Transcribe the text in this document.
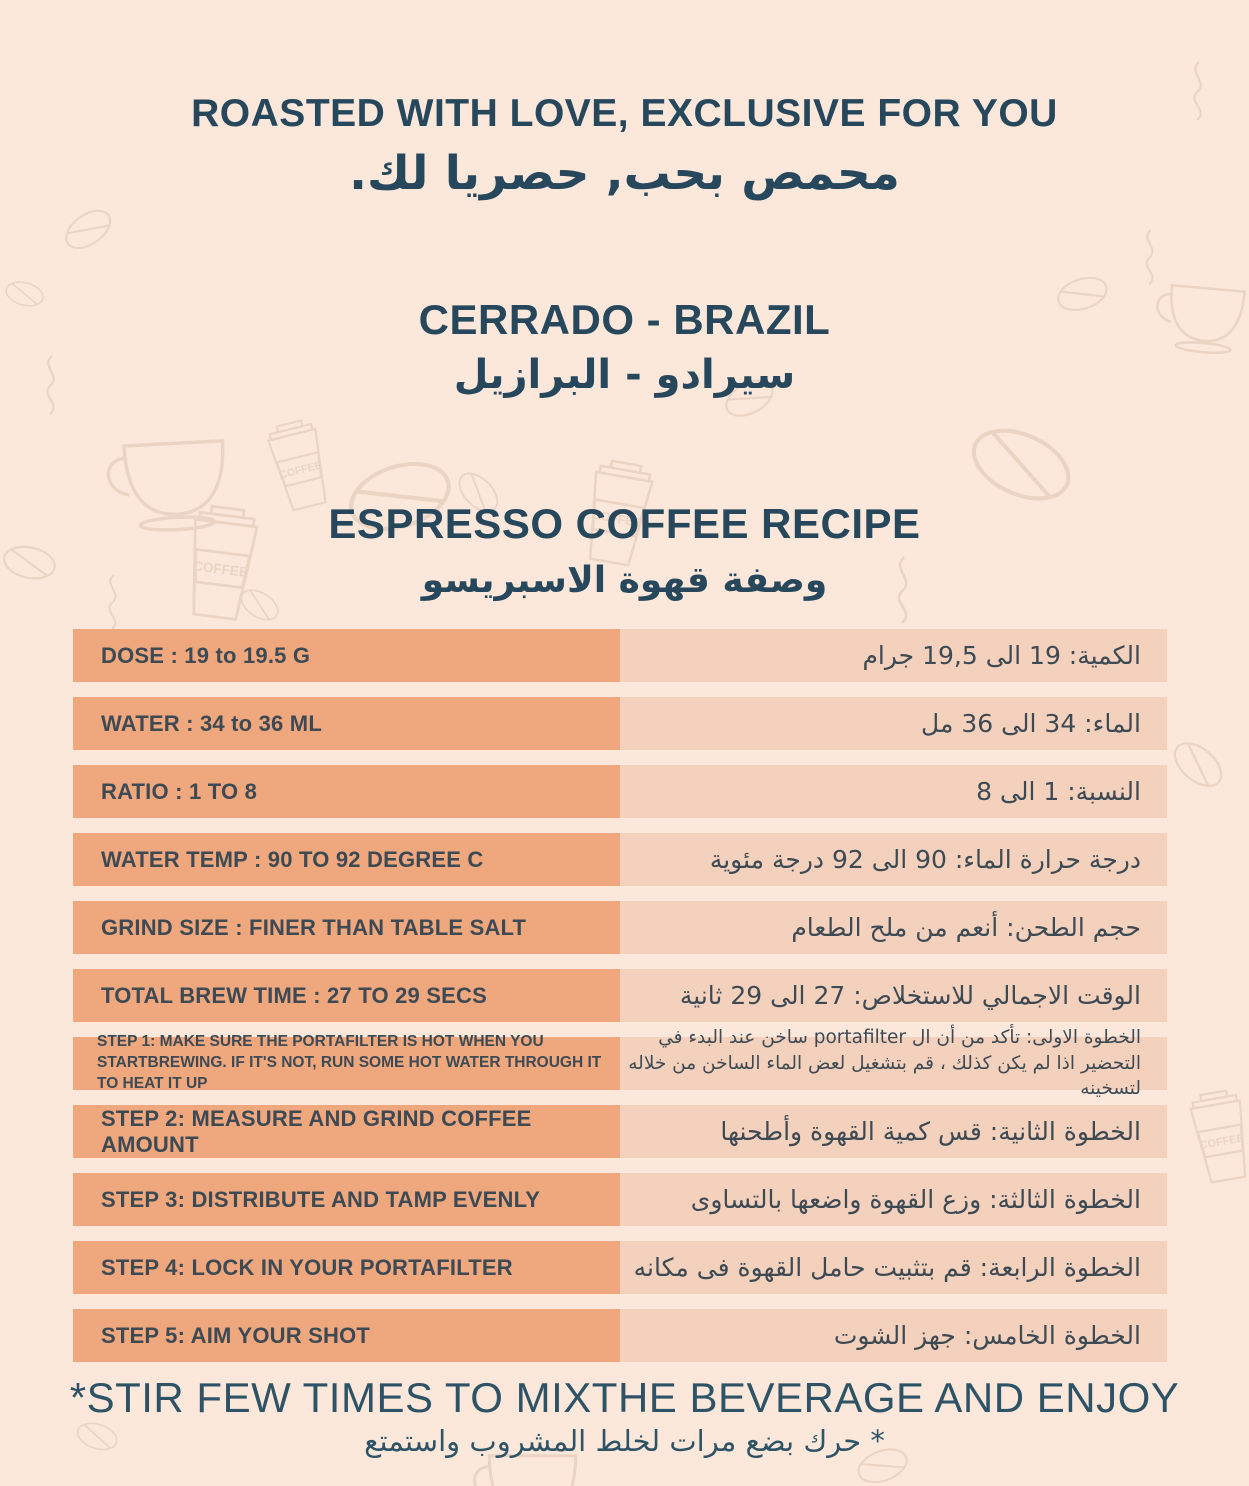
ROASTED WITH LOVE, EXCLUSIVE FOR YOU
محمص بحب, حصريا لك.
CERRADO - BRAZIL
سيرادو - البرازيل
ESPRESSO COFFEE RECIPE
وصفة قهوة الاسبريسو
DOSE : 19 to 19.5 G	الكمية: 19 الى 19,5 جرام
WATER : 34 to 36 ML	الماء: 34 الى 36 مل
RATIO : 1 TO 8	النسبة: 1 الى 8
WATER TEMP : 90 TO 92 DEGREE C	درجة حرارة الماء: 90 الى 92 درجة مئوية
GRIND SIZE : FINER THAN TABLE SALT	حجم الطحن: أنعم من ملح الطعام
TOTAL BREW TIME : 27 TO 29 SECS	الوقت الاجمالي للاستخلاص: 27 الى 29 ثانية
STEP 1: MAKE SURE THE PORTAFILTER IS HOT WHEN YOU STARTBREWING. IF IT'S NOT, RUN SOME HOT WATER THROUGH IT TO HEAT IT UP
الخطوة الاولى: تأكد من أن ال portafilter ساخن عند البدء في التحضير اذا لم يكن كذلك ، قم بتشغيل لعض الماء الساخن من خلاله لتسخينه
STEP 2: MEASURE AND GRIND COFFEE AMOUNT	الخطوة الثانية: قس كمية القهوة وأطحنها
STEP 3: DISTRIBUTE AND TAMP EVENLY	الخطوة الثالثة: وزع القهوة واضعها بالتساوى
STEP 4: LOCK IN YOUR PORTAFILTER	الخطوة الرابعة: قم بتثبيت حامل القهوة فى مكانه
STEP 5: AIM YOUR SHOT	الخطوة الخامس: جهز الشوت
*STIR FEW TIMES TO MIXTHE BEVERAGE AND ENJOY
* حرك بضع مرات لخلط المشروب واستمتع
